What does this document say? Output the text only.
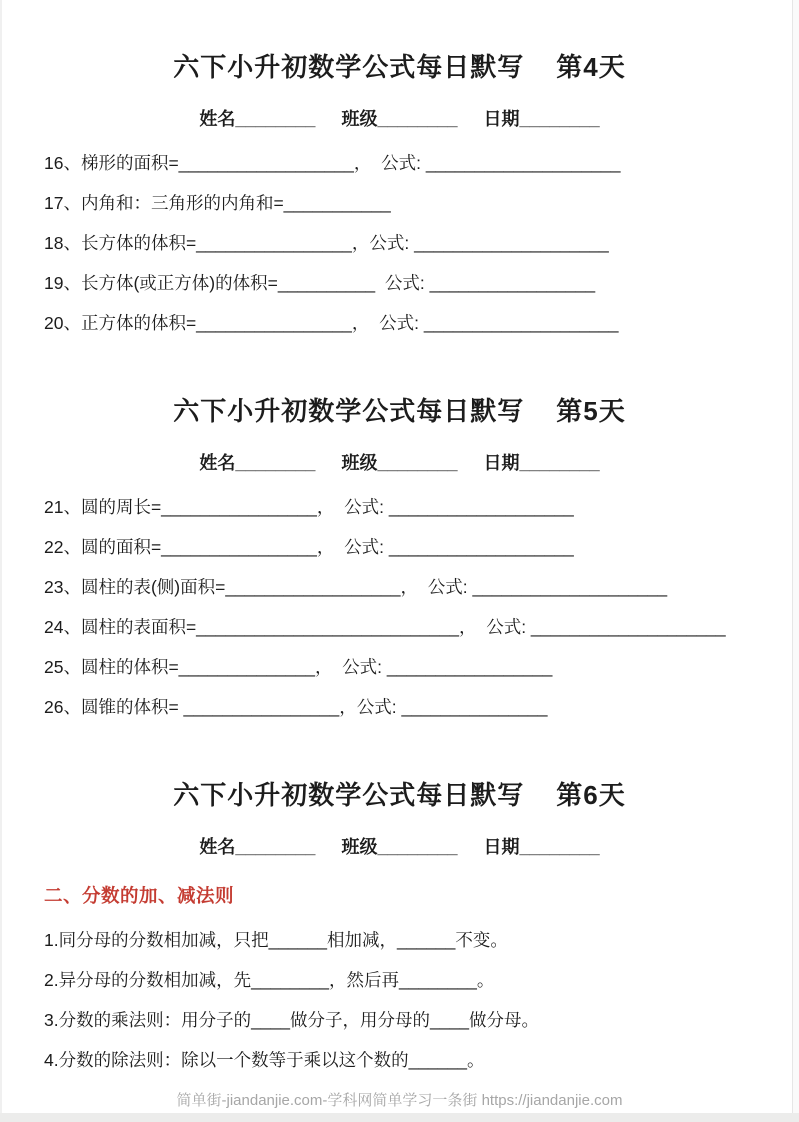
六下小升初数学公式每日默写 第4天
姓名________ 班级________ 日期________
16、梯形的面积=__________________，  公式: ____________________
17、内角和：三角形的内角和=___________
18、长方体的体积=________________，公式: ____________________
19、长方体(或正方体)的体积=__________  公式: _________________
20、正方体的体积=________________，  公式: ____________________
六下小升初数学公式每日默写 第5天
姓名________ 班级________ 日期________
21、圆的周长=________________，  公式: ___________________
22、圆的面积=________________，  公式: ___________________
23、圆柱的表(侧)面积=__________________，  公式: ____________________
24、圆柱的表面积=___________________________，  公式: ____________________
25、圆柱的体积=______________，  公式: _________________
26、圆锥的体积= ________________，公式: _______________
六下小升初数学公式每日默写 第6天
姓名________ 班级________ 日期________
二、分数的加、减法则
1.同分母的分数相加减，只把______相加减，______不变。
2.异分母的分数相加减，先________，然后再________。
3.分数的乘法则：用分子的____做分子，用分母的____做分母。
4.分数的除法则：除以一个数等于乘以这个数的______。
简单街-jiandanjie.com-学科网简单学习一条街 https://jiandanjie.com
